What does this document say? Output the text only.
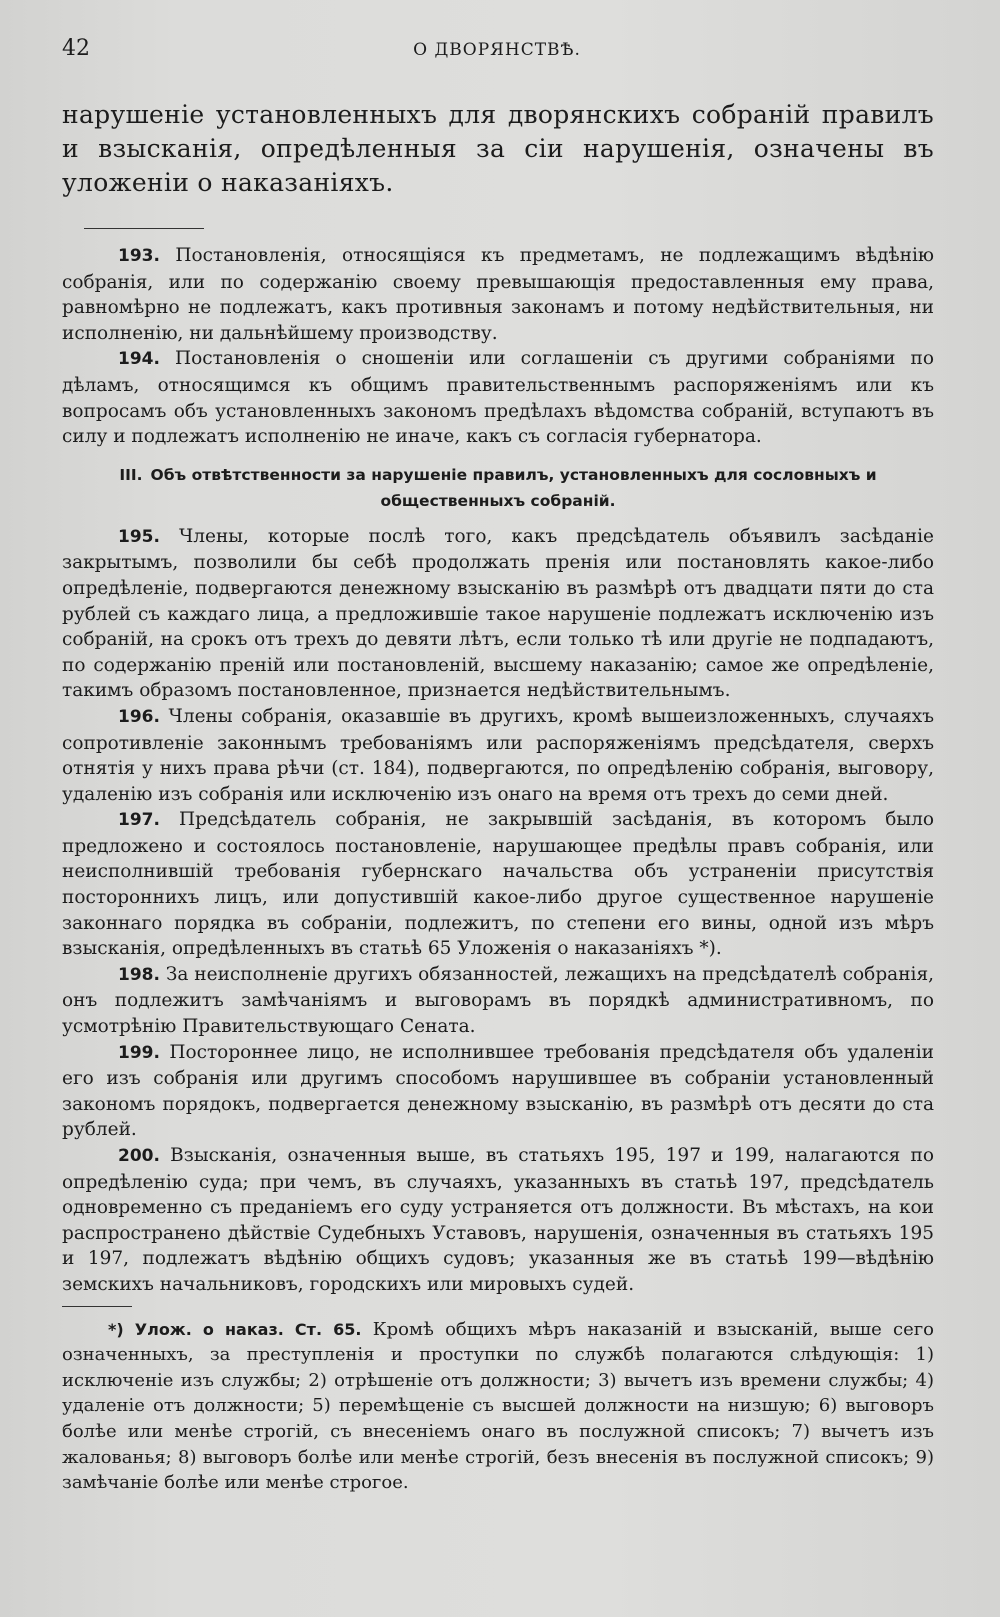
42	О ДВОРЯНСТВѢ.

нарушеніе установленныхъ для дворянскихъ собраній правилъ и взысканія, опредѣленныя за сіи нарушенія, означены въ уложеніи о наказаніяхъ.

193. Постановленія, относящіяся къ предметамъ, не подлежащимъ вѣдѣнію собранія, или по содержанію своему превышающія предоставленныя ему права, равномѣрно не подлежатъ, какъ противныя законамъ и потому недѣйствительныя, ни исполненію, ни дальнѣйшему производству.

194. Постановленія о сношеніи или соглашеніи съ другими собраніями по дѣламъ, относящимся къ общимъ правительственнымъ распоряженіямъ или къ вопросамъ объ установленныхъ закономъ предѣлахъ вѣдомства собраній, вступаютъ въ силу и подлежатъ исполненію не иначе, какъ съ согласія губернатора.

III. Объ отвѣтственности за нарушеніе правилъ, установленныхъ для сословныхъ и общественныхъ собраній.

195. Члены, которые послѣ того, какъ предсѣдатель объявилъ засѣданіе закрытымъ, позволили бы себѣ продолжать пренія или постановлять какое-либо опредѣленіе, подвергаются денежному взысканію въ размѣрѣ отъ двадцати пяти до ста рублей съ каждаго лица, а предложившіе такое нарушеніе подлежатъ исключенію изъ собраній, на срокъ отъ трехъ до девяти лѣтъ, если только тѣ или другіе не подпадаютъ, по содержанію преній или постановленій, высшему наказанію; самое же опредѣленіе, такимъ образомъ постановленное, признается недѣйствительнымъ.

196. Члены собранія, оказавшіе въ другихъ, кромѣ вышеизложенныхъ, случаяхъ сопротивленіе законнымъ требованіямъ или распоряженіямъ предсѣдателя, сверхъ отнятія у нихъ права рѣчи (ст. 184), подвергаются, по опредѣленію собранія, выговору, удаленію изъ собранія или исключенію изъ онаго на время отъ трехъ до семи дней.

197. Предсѣдатель собранія, не закрывшій засѣданія, въ которомъ было предложено и состоялось постановленіе, нарушающее предѣлы правъ собранія, или неисполнившій требованія губернскаго начальства объ устраненіи присутствія постороннихъ лицъ, или допустившій какое-либо другое существенное нарушеніе законнаго порядка въ собраніи, подлежитъ, по степени его вины, одной изъ мѣръ взысканія, опредѣленныхъ въ статьѣ 65 Уложенія о наказаніяхъ *).

198. За неисполненіе другихъ обязанностей, лежащихъ на предсѣдателѣ собранія, онъ подлежитъ замѣчаніямъ и выговорамъ въ порядкѣ административномъ, по усмотрѣнію Правительствующаго Сената.

199. Постороннее лицо, не исполнившее требованія предсѣдателя объ удаленіи его изъ собранія или другимъ способомъ нарушившее въ собраніи установленный закономъ порядокъ, подвергается денежному взысканію, въ размѣрѣ отъ десяти до ста рублей.

200. Взысканія, означенныя выше, въ статьяхъ 195, 197 и 199, налагаются по опредѣленію суда; при чемъ, въ случаяхъ, указанныхъ въ статьѣ 197, предсѣдатель одновременно съ преданіемъ его суду устраняется отъ должности. Въ мѣстахъ, на кои распространено дѣйствіе Судебныхъ Уставовъ, нарушенія, означенныя въ статьяхъ 195 и 197, подлежатъ вѣдѣнію общихъ судовъ; указанныя же въ статьѣ 199—вѣдѣнію земскихъ начальниковъ, городскихъ или мировыхъ судей.

*) Улож. о наказ. Ст. 65. Кромѣ общихъ мѣръ наказаній и взысканій, выше сего означенныхъ, за преступленія и проступки по службѣ полагаются слѣдующія: 1) исключеніе изъ службы; 2) отрѣшеніе отъ должности; 3) вычетъ изъ времени службы; 4) удаленіе отъ должности; 5) перемѣщеніе съ высшей должности на низшую; 6) выговоръ болѣе или менѣе строгій, съ внесеніемъ онаго въ послужной списокъ; 7) вычетъ изъ жалованья; 8) выговоръ болѣе или менѣе строгій, безъ внесенія въ послужной списокъ; 9) замѣчаніе болѣе или менѣе строгое.
